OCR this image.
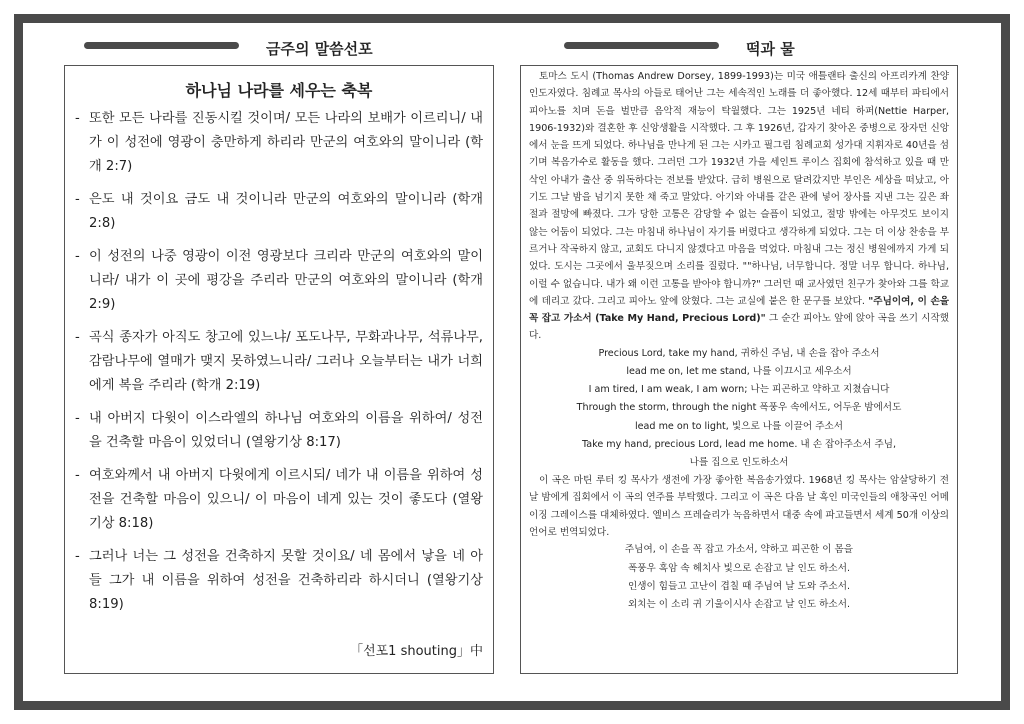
금주의 말씀선포	떡과 물
하나님 나라를 세우는 축복
- 또한 모든 나라를 진동시킬 것이며/ 모든 나라의 보배가 이르리니/ 내가 이 성전에 영광이 충만하게 하리라 만군의 여호와의 말이니라 (학개 2:7)
- 은도 내 것이요 금도 내 것이니라 만군의 여호와의 말이니라 (학개 2:8)
- 이 성전의 나중 영광이 이전 영광보다 크리라 만군의 여호와의 말이니라/ 내가 이 곳에 평강을 주리라 만군의 여호와의 말이니라 (학개 2:9)
- 곡식 종자가 아직도 창고에 있느냐/ 포도나무, 무화과나무, 석류나무, 감람나무에 열매가 맺지 못하였느니라/ 그러나 오늘부터는 내가 너희에게 복을 주리라 (학개 2:19)
- 내 아버지 다윗이 이스라엘의 하나님 여호와의 이름을 위하여/ 성전을 건축할 마음이 있었더니 (열왕기상 8:17)
- 여호와께서 내 아버지 다윗에게 이르시되/ 네가 내 이름을 위하여 성전을 건축할 마음이 있으니/ 이 마음이 네게 있는 것이 좋도다 (열왕기상 8:18)
- 그러나 너는 그 성전을 건축하지 못할 것이요/ 네 몸에서 낳을 네 아들 그가 내 이름을 위하여 성전을 건축하리라 하시더니 (열왕기상 8:19)
「선포1 shouting」中

토마스 도시 (Thomas Andrew Dorsey, 1899-1993)는 미국 애틀랜타 출신의 아프리카계 찬양인도자였다. 침례교 목사의 아들로 태어난 그는 세속적인 노래를 더 좋아했다. 12세 때부터 파티에서 피아노를 치며 돈을 벌만큼 음악적 재능이 탁월했다. 그는 1925년 네티 하퍼(Nettie Harper, 1906-1932)와 결혼한 후 신앙생활을 시작했다. 그 후 1926년, 갑자기 찾아온 중병으로 장자던 신앙에서 눈을 뜨게 되었다. 하나님을 만나게 된 그는 시카고 필그림 침례교회 성가대 지휘자로 40년을 섬기며 복음가수로 활동을 했다. 그러던 그가 1932년 가을 세인트 루이스 집회에 참석하고 있을 때 만삭인 아내가 출산 중 위독하다는 전보를 받았다. 급히 병원으로 달려갔지만 부인은 세상을 떠났고, 아기도 그날 밤을 넘기지 못한 채 죽고 말았다. 아기와 아내를 같은 관에 넣어 장사를 지낸 그는 깊은 좌절과 절망에 빠졌다. 그가 당한 고통은 감당할 수 없는 슬픔이 되었고, 절망 밖에는 아무것도 보이지 않는 어둠이 되었다. 그는 마침내 하나님이 자기를 버렸다고 생각하게 되었다. 그는 더 이상 찬송을 부르거나 작곡하지 않고, 교회도 다니지 않겠다고 마음을 먹었다. 마침내 그는 정신 병원에까지 가게 되었다. 도시는 그곳에서 울부짖으며 소리를 질렀다. ""하나님, 너무합니다. 정말 너무 합니다. 하나님, 이럴 수 없습니다. 내가 왜 이런 고통을 받아야 합니까?" 그러던 때 교사였던 친구가 찾아와 그를 학교에 데리고 갔다. 그리고 피아노 앞에 앉혔다. 그는 교실에 붙은 한 문구를 보았다. "주님이여, 이 손을 꼭 잡고 가소서 (Take My Hand, Precious Lord)" 그 순간 피아노 앞에 앉아 곡을 쓰기 시작했다.

Precious Lord, take my hand, 귀하신 주님, 내 손을 잡아 주소서

lead me on, let me stand, 나를 이끄시고 세우소서

I am tired, I am weak, I am worn; 나는 피곤하고 약하고 지쳤습니다

Through the storm, through the night 폭풍우 속에서도, 어두운 밤에서도

lead me on to light, 빛으로 나를 이끌어 주소서

Take my hand, precious Lord, lead me home. 내 손 잡아주소서 주님,

나를 집으로 인도하소서

이 곡은 마틴 루터 킹 목사가 생전에 가장 좋아한 복음송가였다. 1968년 킹 목사는 암살당하기 전 날 밤에게 집회에서 이 곡의 연주를 부탁했다. 그리고 이 곡은 다음 날 흑인 미국인들의 애창곡인 어메이징 그레이스를 대체하였다. 엘비스 프레슬리가 녹음하면서 대중 속에 파고들면서 세계 50개 이상의 언어로 번역되었다.

주님여, 이 손을 꼭 잡고 가소서, 약하고 피곤한 이 몸을

폭풍우 흑암 속 헤치사 빛으로 손잡고 날 인도 하소서.

인생이 힘들고 고난이 겹칠 때 주님여 날 도와 주소서.

외치는 이 소리 귀 기울이시사 손잡고 날 인도 하소서.
